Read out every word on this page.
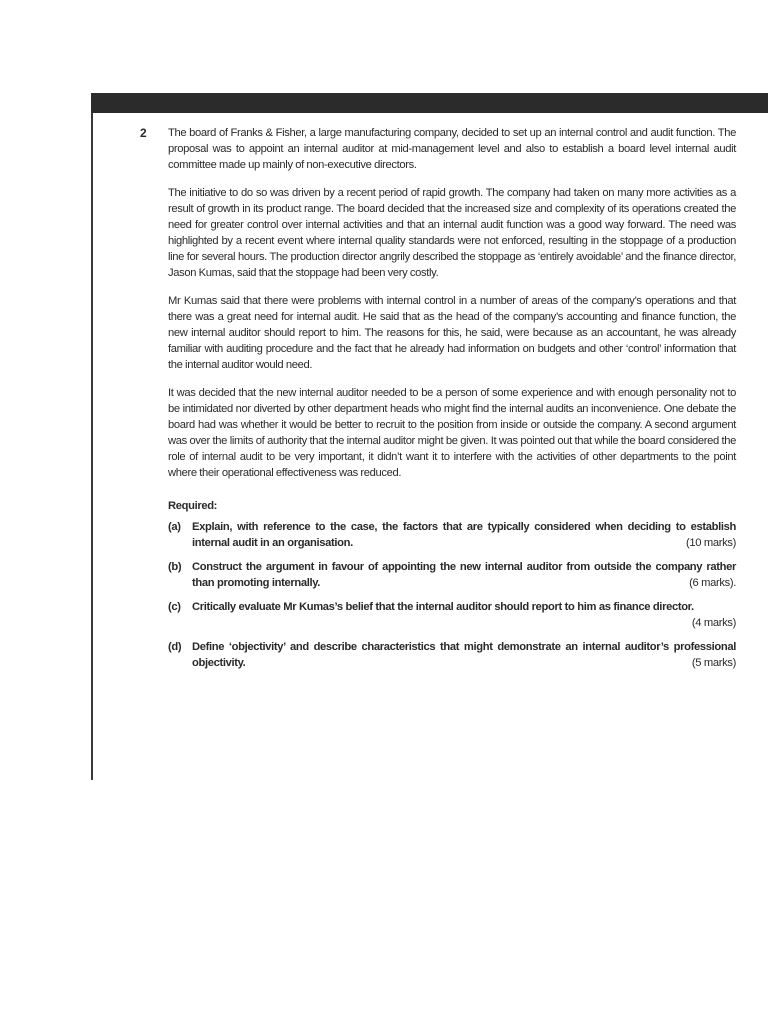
2 The board of Franks & Fisher, a large manufacturing company, decided to set up an internal control and audit function. The proposal was to appoint an internal auditor at mid-management level and also to establish a board level internal audit committee made up mainly of non-executive directors.

The initiative to do so was driven by a recent period of rapid growth. The company had taken on many more activities as a result of growth in its product range. The board decided that the increased size and complexity of its operations created the need for greater control over internal activities and that an internal audit function was a good way forward. The need was highlighted by a recent event where internal quality standards were not enforced, resulting in the stoppage of a production line for several hours. The production director angrily described the stoppage as ‘entirely avoidable’ and the finance director, Jason Kumas, said that the stoppage had been very costly.

Mr Kumas said that there were problems with internal control in a number of areas of the company’s operations and that there was a great need for internal audit. He said that as the head of the company’s accounting and finance function, the new internal auditor should report to him. The reasons for this, he said, were because as an accountant, he was already familiar with auditing procedure and the fact that he already had information on budgets and other ‘control’ information that the internal auditor would need.

It was decided that the new internal auditor needed to be a person of some experience and with enough personality not to be intimidated nor diverted by other department heads who might find the internal audits an inconvenience. One debate the board had was whether it would be better to recruit to the position from inside or outside the company. A second argument was over the limits of authority that the internal auditor might be given. It was pointed out that while the board considered the role of internal audit to be very important, it didn’t want it to interfere with the activities of other departments to the point where their operational effectiveness was reduced.

Required:
(a)	Explain, with reference to the case, the factors that are typically considered when deciding to establish internal audit in an organisation.	(10 marks)
(b) Construct the argument in favour of appointing the new internal auditor from outside the company rather than promoting internally.	(6 marks).
(c)	Critically evaluate Mr Kumas’s belief that the internal auditor should report to him as finance director.
(4 marks)
(d) Define ‘objectivity’ and describe characteristics that might demonstrate an internal auditor’s professional objectivity.	(5 marks)
